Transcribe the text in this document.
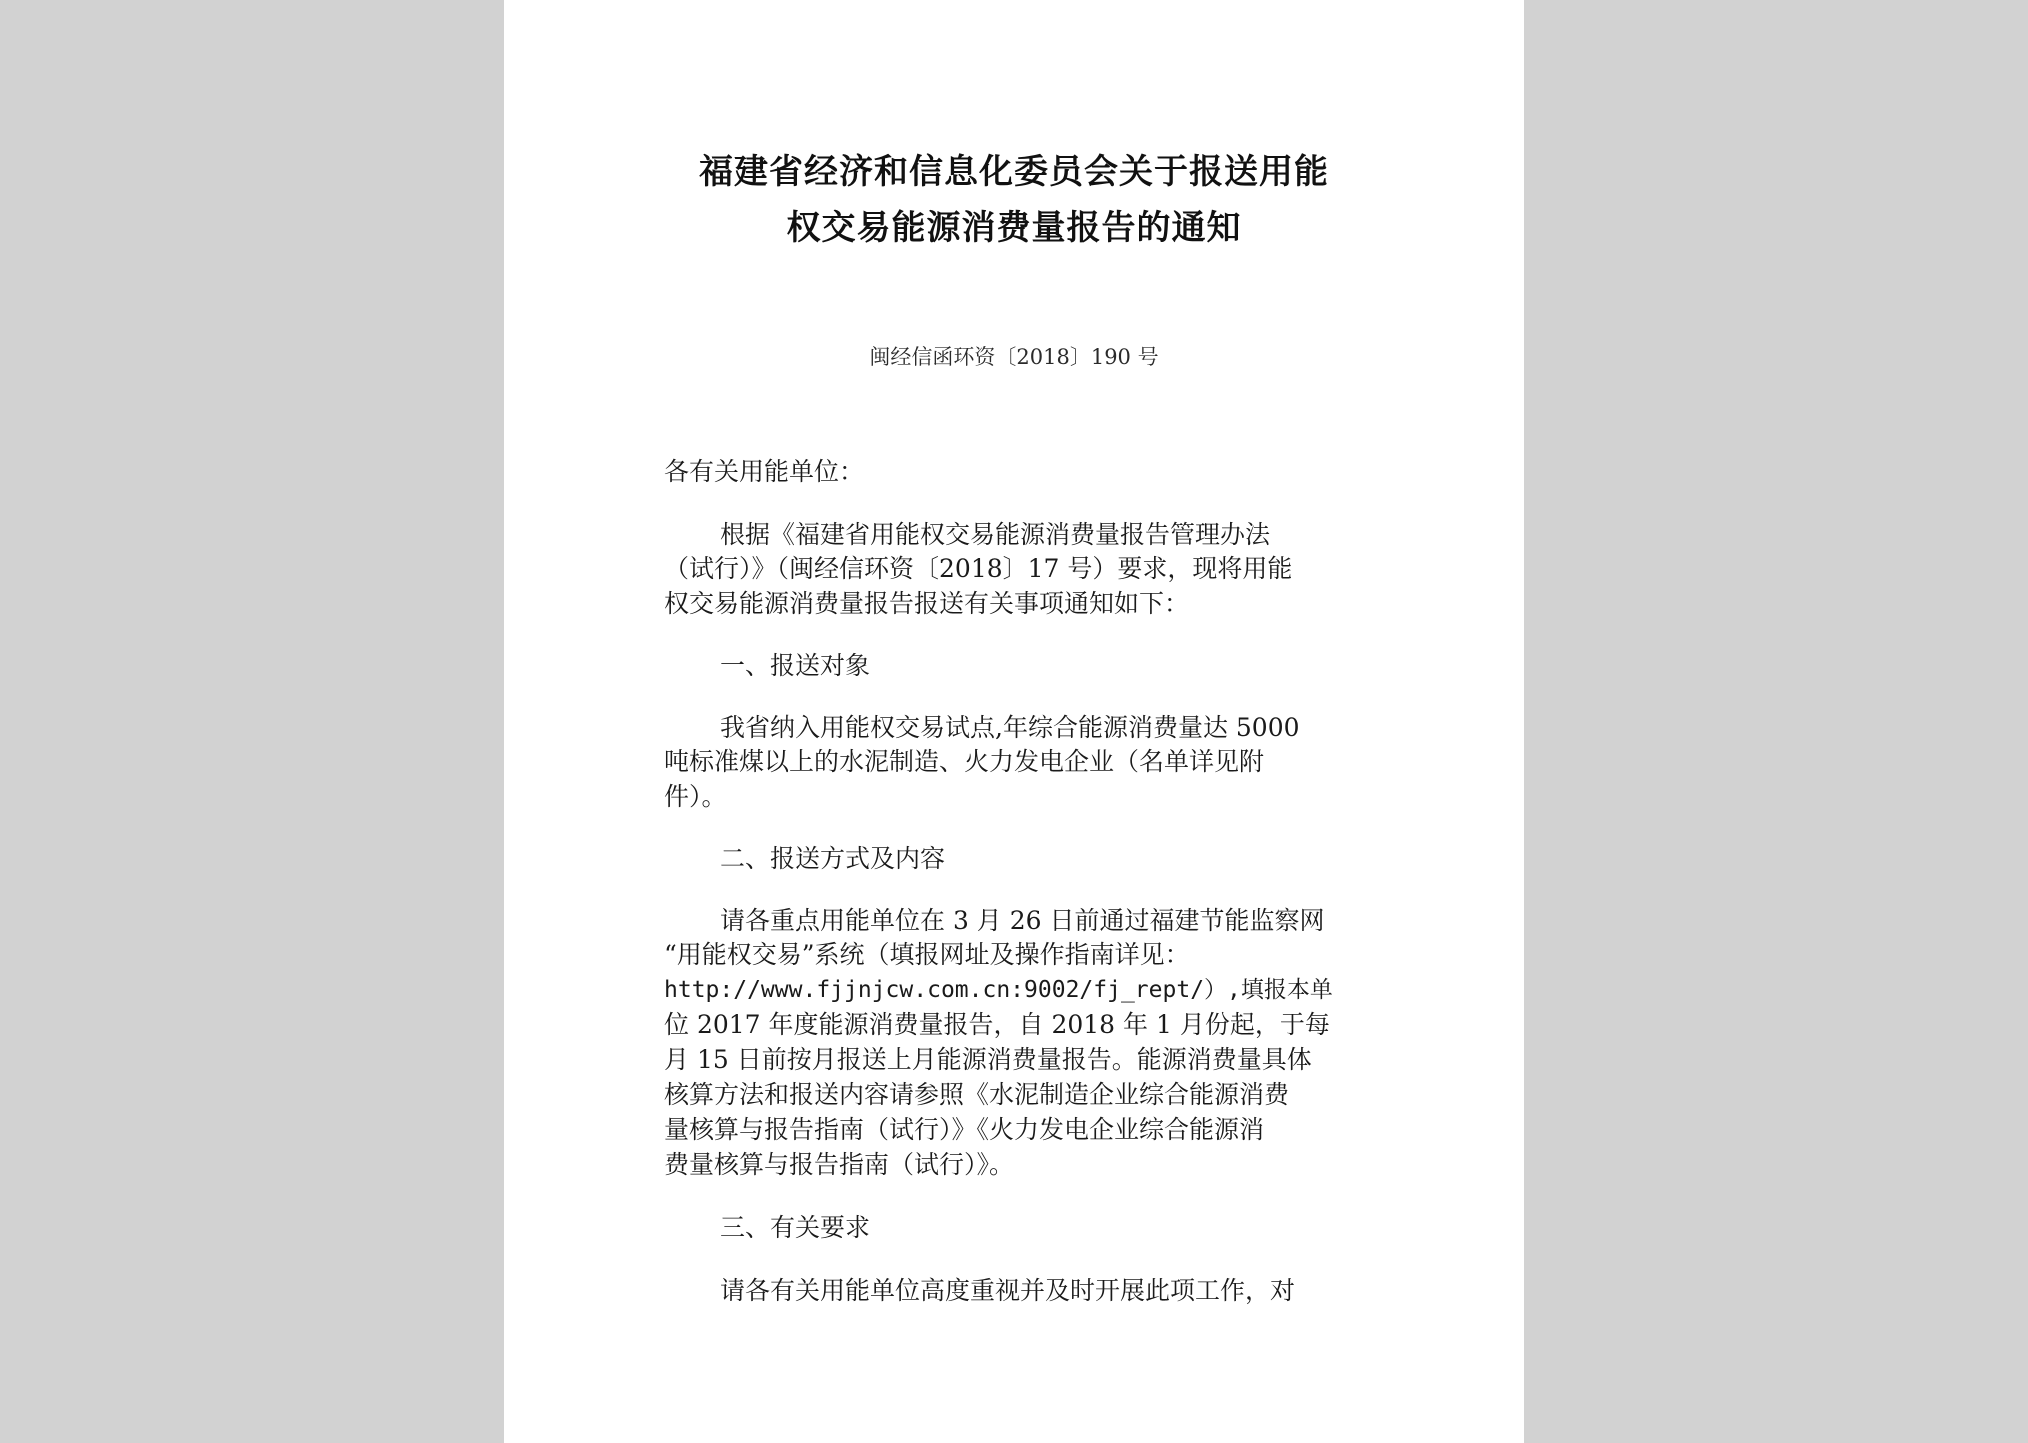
福建省经济和信息化委员会关于报送用能
权交易能源消费量报告的通知
闽经信函环资〔2018〕190 号
各有关用能单位：
根据《福建省用能权交易能源消费量报告管理办法
（试行）》（闽经信环资〔2018〕17 号）要求，现将用能
权交易能源消费量报告报送有关事项通知如下：
一、报送对象
我省纳入用能权交易试点,年综合能源消费量达 5000
吨标准煤以上的水泥制造、火力发电企业（名单详见附
件）。
二、报送方式及内容
请各重点用能单位在 3 月 26 日前通过福建节能监察网
“用能权交易”系统（填报网址及操作指南详见：
http://www.fjjnjcw.com.cn:9002/fj_rept/）,填报本单
位 2017 年度能源消费量报告，自 2018 年 1 月份起，于每
月 15 日前按月报送上月能源消费量报告。能源消费量具体
核算方法和报送内容请参照《水泥制造企业综合能源消费
量核算与报告指南（试行）》《火力发电企业综合能源消
费量核算与报告指南（试行）》。
三、有关要求
请各有关用能单位高度重视并及时开展此项工作，对
